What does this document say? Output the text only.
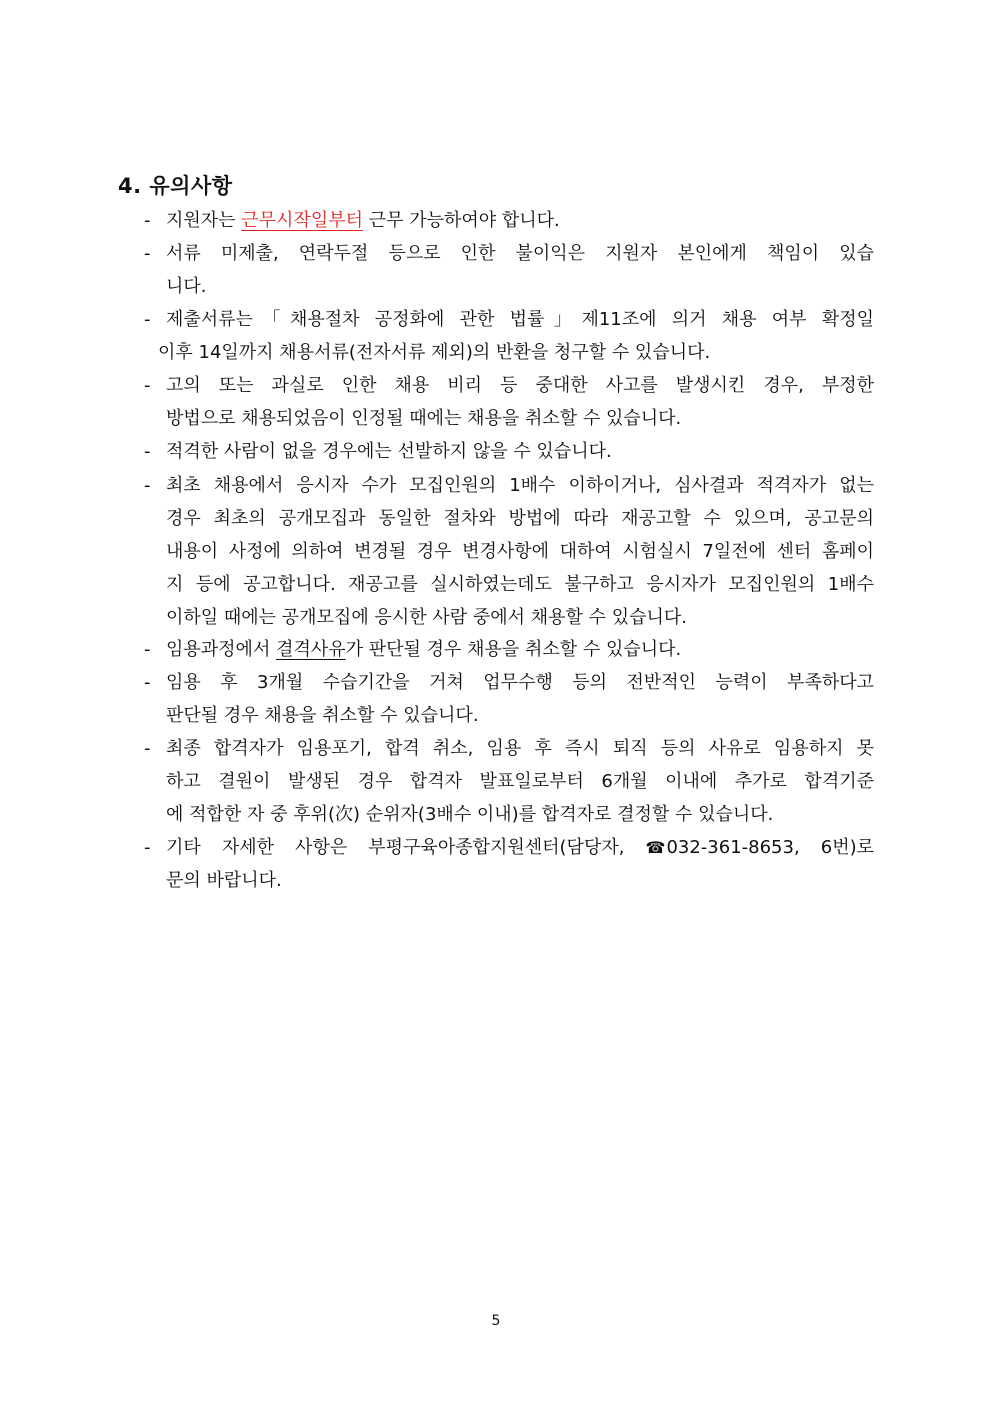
4. 유의사항
- 지원자는 근무시작일부터 근무 가능하여야 합니다.
- 서류 미제출, 연락두절 등으로 인한 불이익은 지원자 본인에게 책임이 있습
니다.
- 제출서류는「채용절차 공정화에 관한 법률」제11조에 의거 채용 여부 확정일
이후 14일까지 채용서류(전자서류 제외)의 반환을 청구할 수 있습니다.
- 고의 또는 과실로 인한 채용 비리 등 중대한 사고를 발생시킨 경우, 부정한
방법으로 채용되었음이 인정될 때에는 채용을 취소할 수 있습니다.
- 적격한 사람이 없을 경우에는 선발하지 않을 수 있습니다.
- 최초 채용에서 응시자 수가 모집인원의 1배수 이하이거나, 심사결과 적격자가 없는
경우 최초의 공개모집과 동일한 절차와 방법에 따라 재공고할 수 있으며, 공고문의
내용이 사정에 의하여 변경될 경우 변경사항에 대하여 시험실시 7일전에 센터 홈페이
지 등에 공고합니다. 재공고를 실시하였는데도 불구하고 응시자가 모집인원의 1배수
이하일 때에는 공개모집에 응시한 사람 중에서 채용할 수 있습니다.
- 임용과정에서 결격사유가 판단될 경우 채용을 취소할 수 있습니다.
- 임용 후 3개월 수습기간을 거쳐 업무수행 등의 전반적인 능력이 부족하다고
판단될 경우 채용을 취소할 수 있습니다.
- 최종 합격자가 임용포기, 합격 취소, 임용 후 즉시 퇴직 등의 사유로 임용하지 못
하고 결원이 발생된 경우 합격자 발표일로부터 6개월 이내에 추가로 합격기준
에 적합한 자 중 후위(次) 순위자(3배수 이내)를 합격자로 결정할 수 있습니다.
- 기타 자세한 사항은 부평구육아종합지원센터(담당자, ☎032-361-8653, 6번)로
문의 바랍니다.
5
